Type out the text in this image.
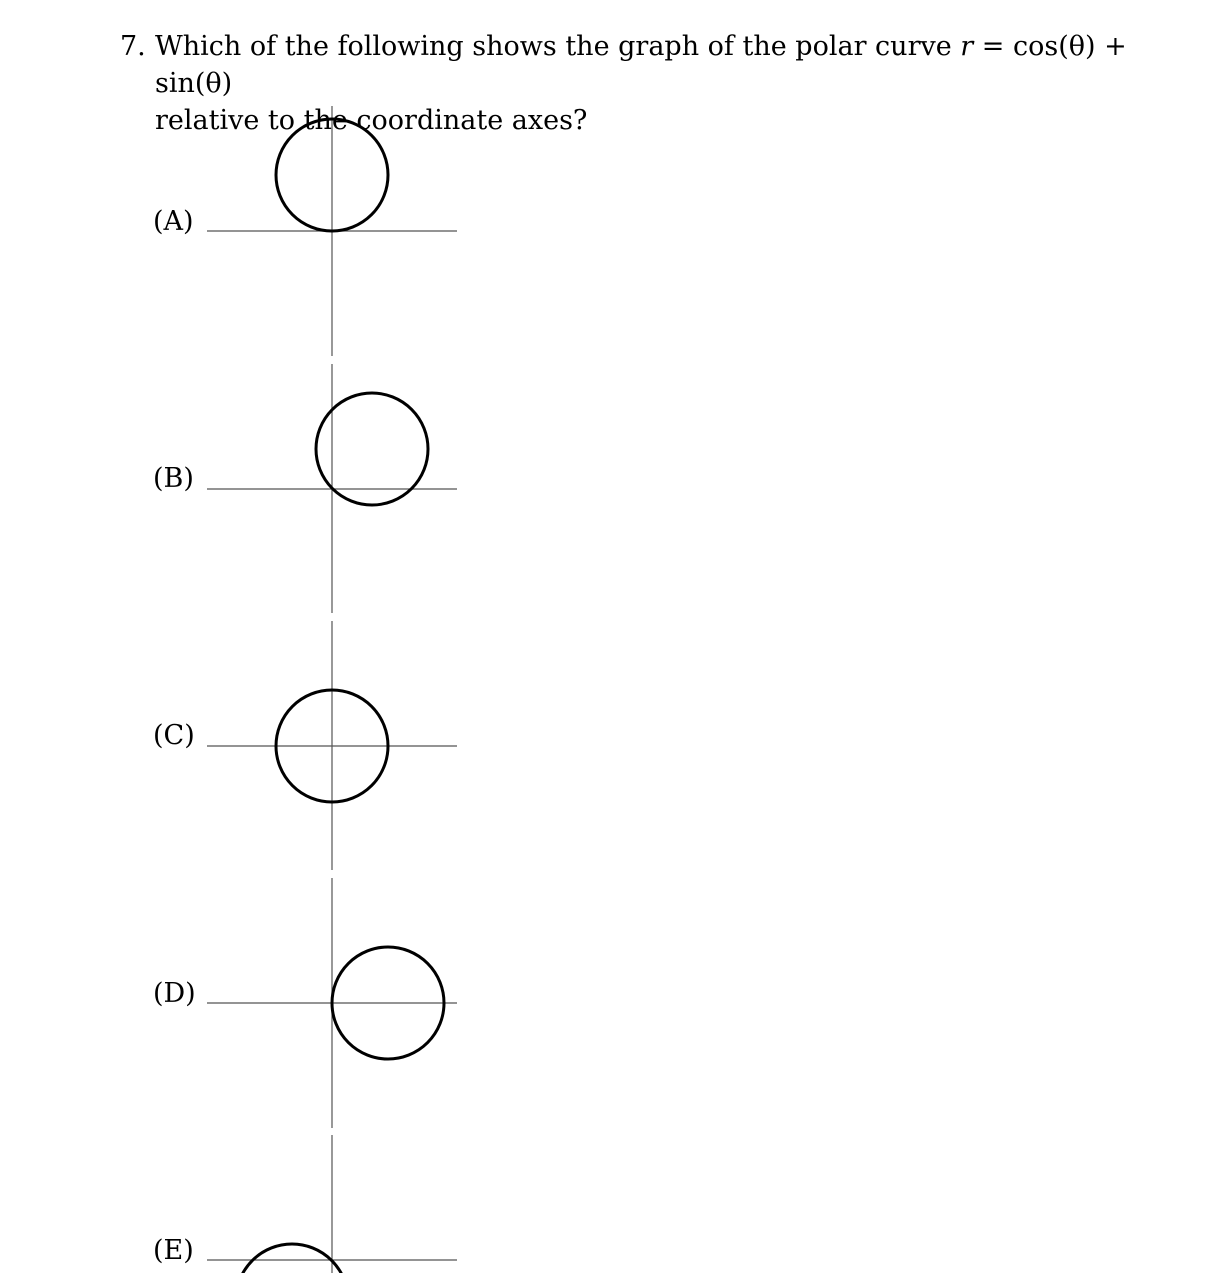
7. Which of the following shows the graph of the polar curve r = cos(θ) + sin(θ)
relative to the coordinate axes?
(A)
(B)
(C)
(D)
(E)
